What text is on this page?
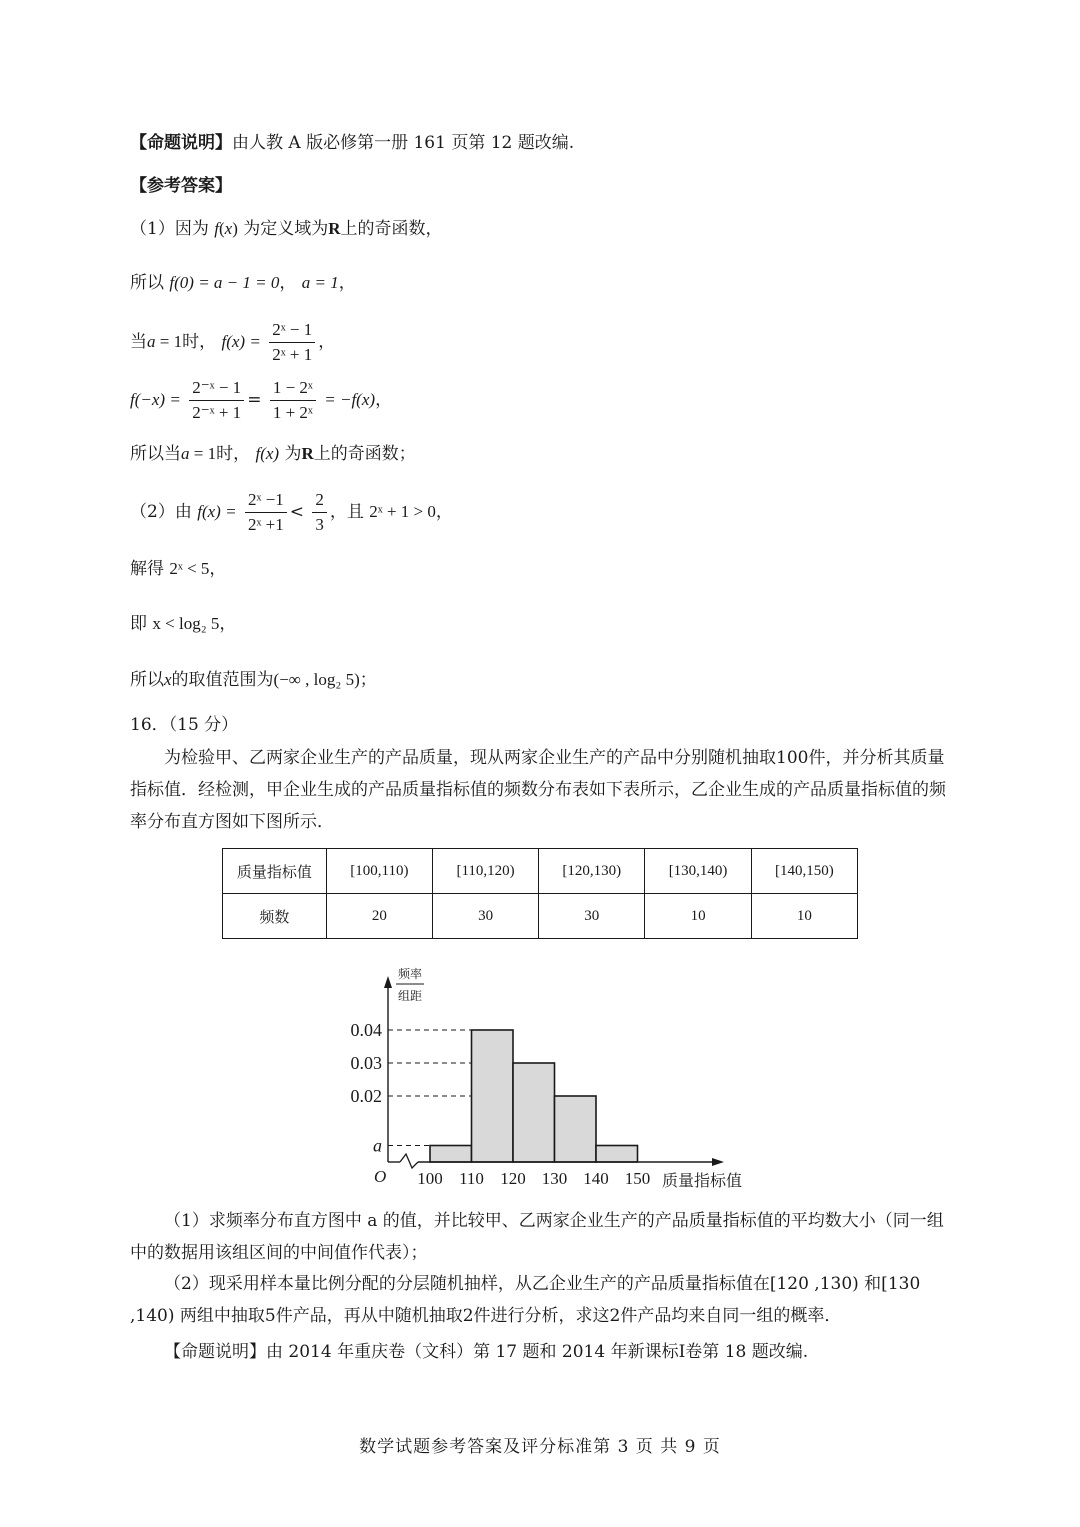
【命题说明】由人教 A 版必修第一册 161 页第 12 题改编.
【参考答案】
（1）因为 f(x) 为定义域为R上的奇函数，
所以 f(0) = a − 1 = 0， a = 1，
当a = 1时， $f(x) = \frac{\text{2ˣ − 1}}{\text{2ˣ + 1}}$ ，
$f(-x) = \frac{\text{2⁻ˣ − 1}}{\text{2⁻ˣ + 1}} = \frac{\text{1 − 2ˣ}}{\text{1 + 2ˣ}} = -f(x)$，
所以当a = 1时， f(x) 为R上的奇函数；
（2）由 $f(x) = \frac{\text{2ˣ −1}}{\text{2ˣ +1}} < \frac{2}{3}$ ，且 2ˣ + 1 > 0，
解得 2ˣ < 5，
即 x < log₂ 5，
所以x的取值范围为(−∞ , log₂ 5)；
16．（15 分）
为检验甲、乙两家企业生产的产品质量，现从两家企业生产的产品中分别随机抽取100件，并分析其质量指标值．经检测，甲企业生成的产品质量指标值的频数分布表如下表所示，乙企业生成的产品质量指标值的频率分布直方图如下图所示．
质量指标值	[100,110)	[110,120)	[120,130)	[130,140)	[140,150)
频数	20	30	30	10	10
a
0.02
0.03
0.04
O 100 110 120 130 140 150 质量指标值
频率
组距
（1）求频率分布直方图中 a 的值，并比较甲、乙两家企业生产的产品质量指标值的平均数大小（同一组中的数据用该组区间的中间值作代表）；
（2）现采用样本量比例分配的分层随机抽样，从乙企业生产的产品质量指标值在[120 ,130) 和[130 ,140) 两组中抽取5件产品，再从中随机抽取2件进行分析，求这2件产品均来自同一组的概率．
【命题说明】由 2014 年重庆卷（文科）第 17 题和 2014 年新课标Ⅰ卷第 18 题改编.
数学试题参考答案及评分标准第 3 页 共 9 页
